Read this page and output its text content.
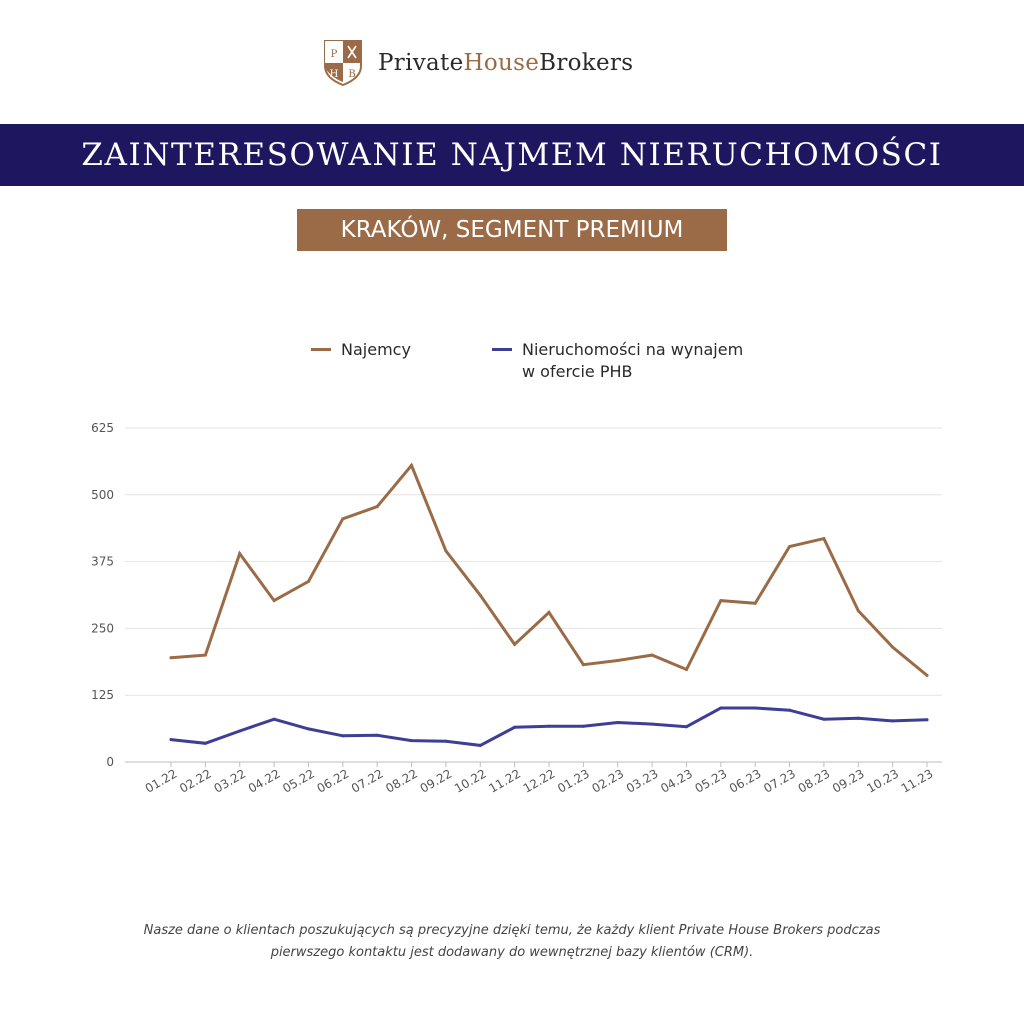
P
H B PrivateHouseBrokers
ZAINTERESOWANIE NAJMEM NIERUCHOMOŚCI
KRAKÓW, SEGMENT PREMIUM
Najemcy	Nieruchomości na wynajem
w ofercie PHB
0
125
250
375
500
625
01.22
02.22
03.22
04.22
05.22
06.22
07.22
08.22
09.22
10.22
11.22
12.22
01.23
02.23
03.23
04.23
05.23
06.23
07.23
08.23
09.23
10.23
11.23
Nasze dane o klientach poszukujących są precyzyjne dzięki temu, że każdy klient Private House Brokers podczas
pierwszego kontaktu jest dodawany do wewnętrznej bazy klientów (CRM).
